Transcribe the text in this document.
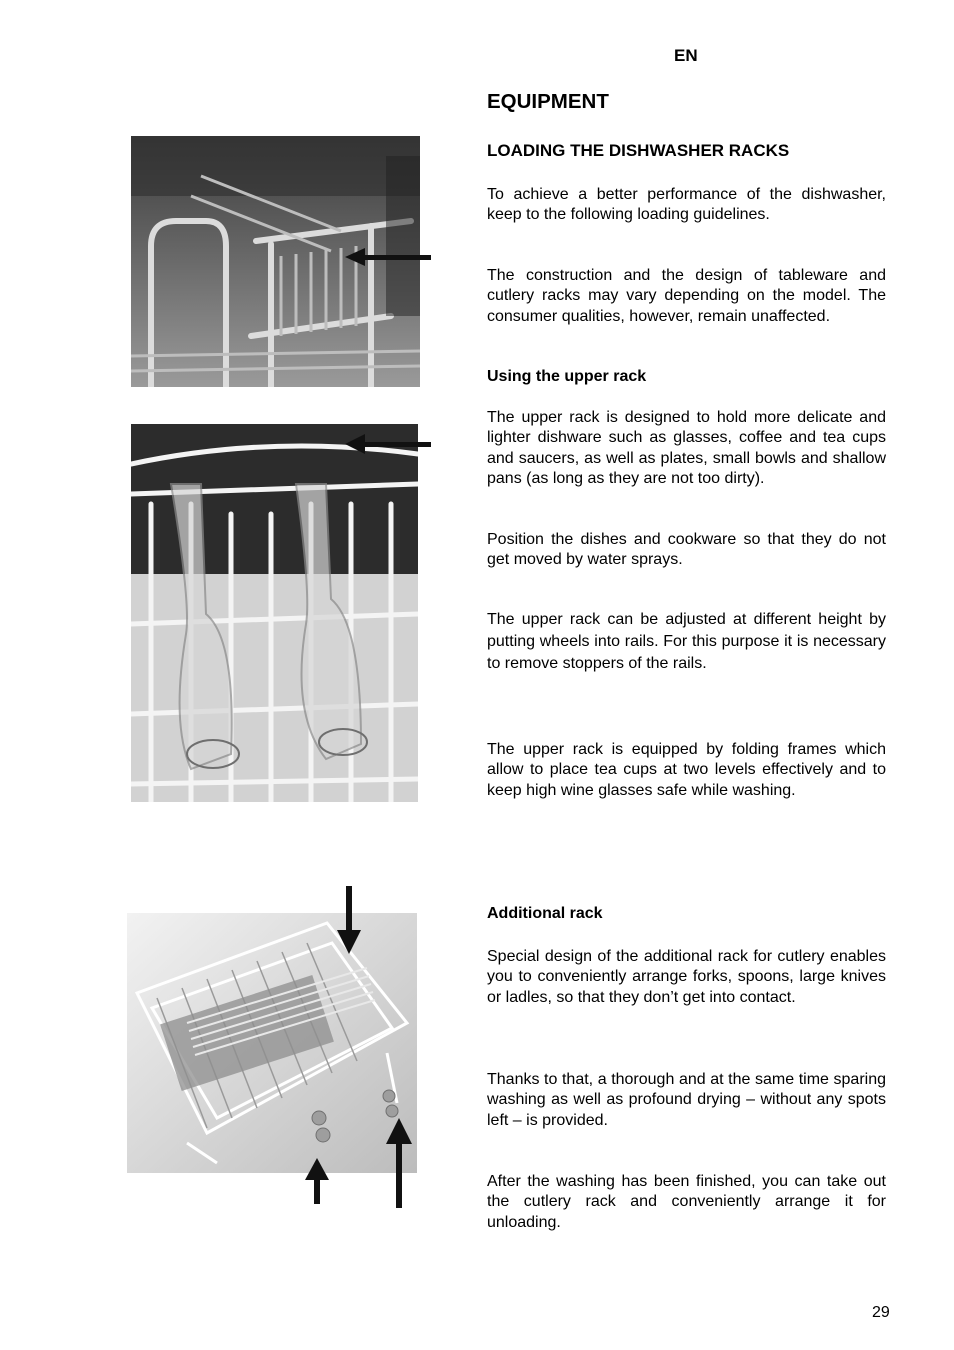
EN
EQUIPMENT
LOADING THE DISHWASHER RACKS
To achieve a better performance of the dishwasher, keep to the following loading guidelines.
The construction and the design of tableware and cutlery racks may vary depending on the model. The consumer qualities, however, remain unaffected.
Using the upper rack
The upper rack is designed to hold more delicate and lighter dishware such as glasses, coffee and tea cups and saucers, as well as plates, small bowls and shallow pans (as long as they are not too dirty).
Position the dishes and cookware so that they do not get moved by water sprays.
The upper rack can be adjusted at different height by putting wheels into rails. For this purpose it is necessary to remove stoppers of the rails.
The upper rack is equipped by folding frames which allow to place tea cups at two levels effectively and to keep high wine glasses safe while washing.
Additional rack
Special design of the additional rack for cutlery enables you to conveniently arrange forks, spoons, large knives or ladles, so that they don’t get into contact.
Thanks to that, a thorough and at the same time sparing washing as well as profound drying – without any spots left – is provided.
After the washing has been finished, you can take out the cutlery rack and conveniently arrange it for unloading.
29
